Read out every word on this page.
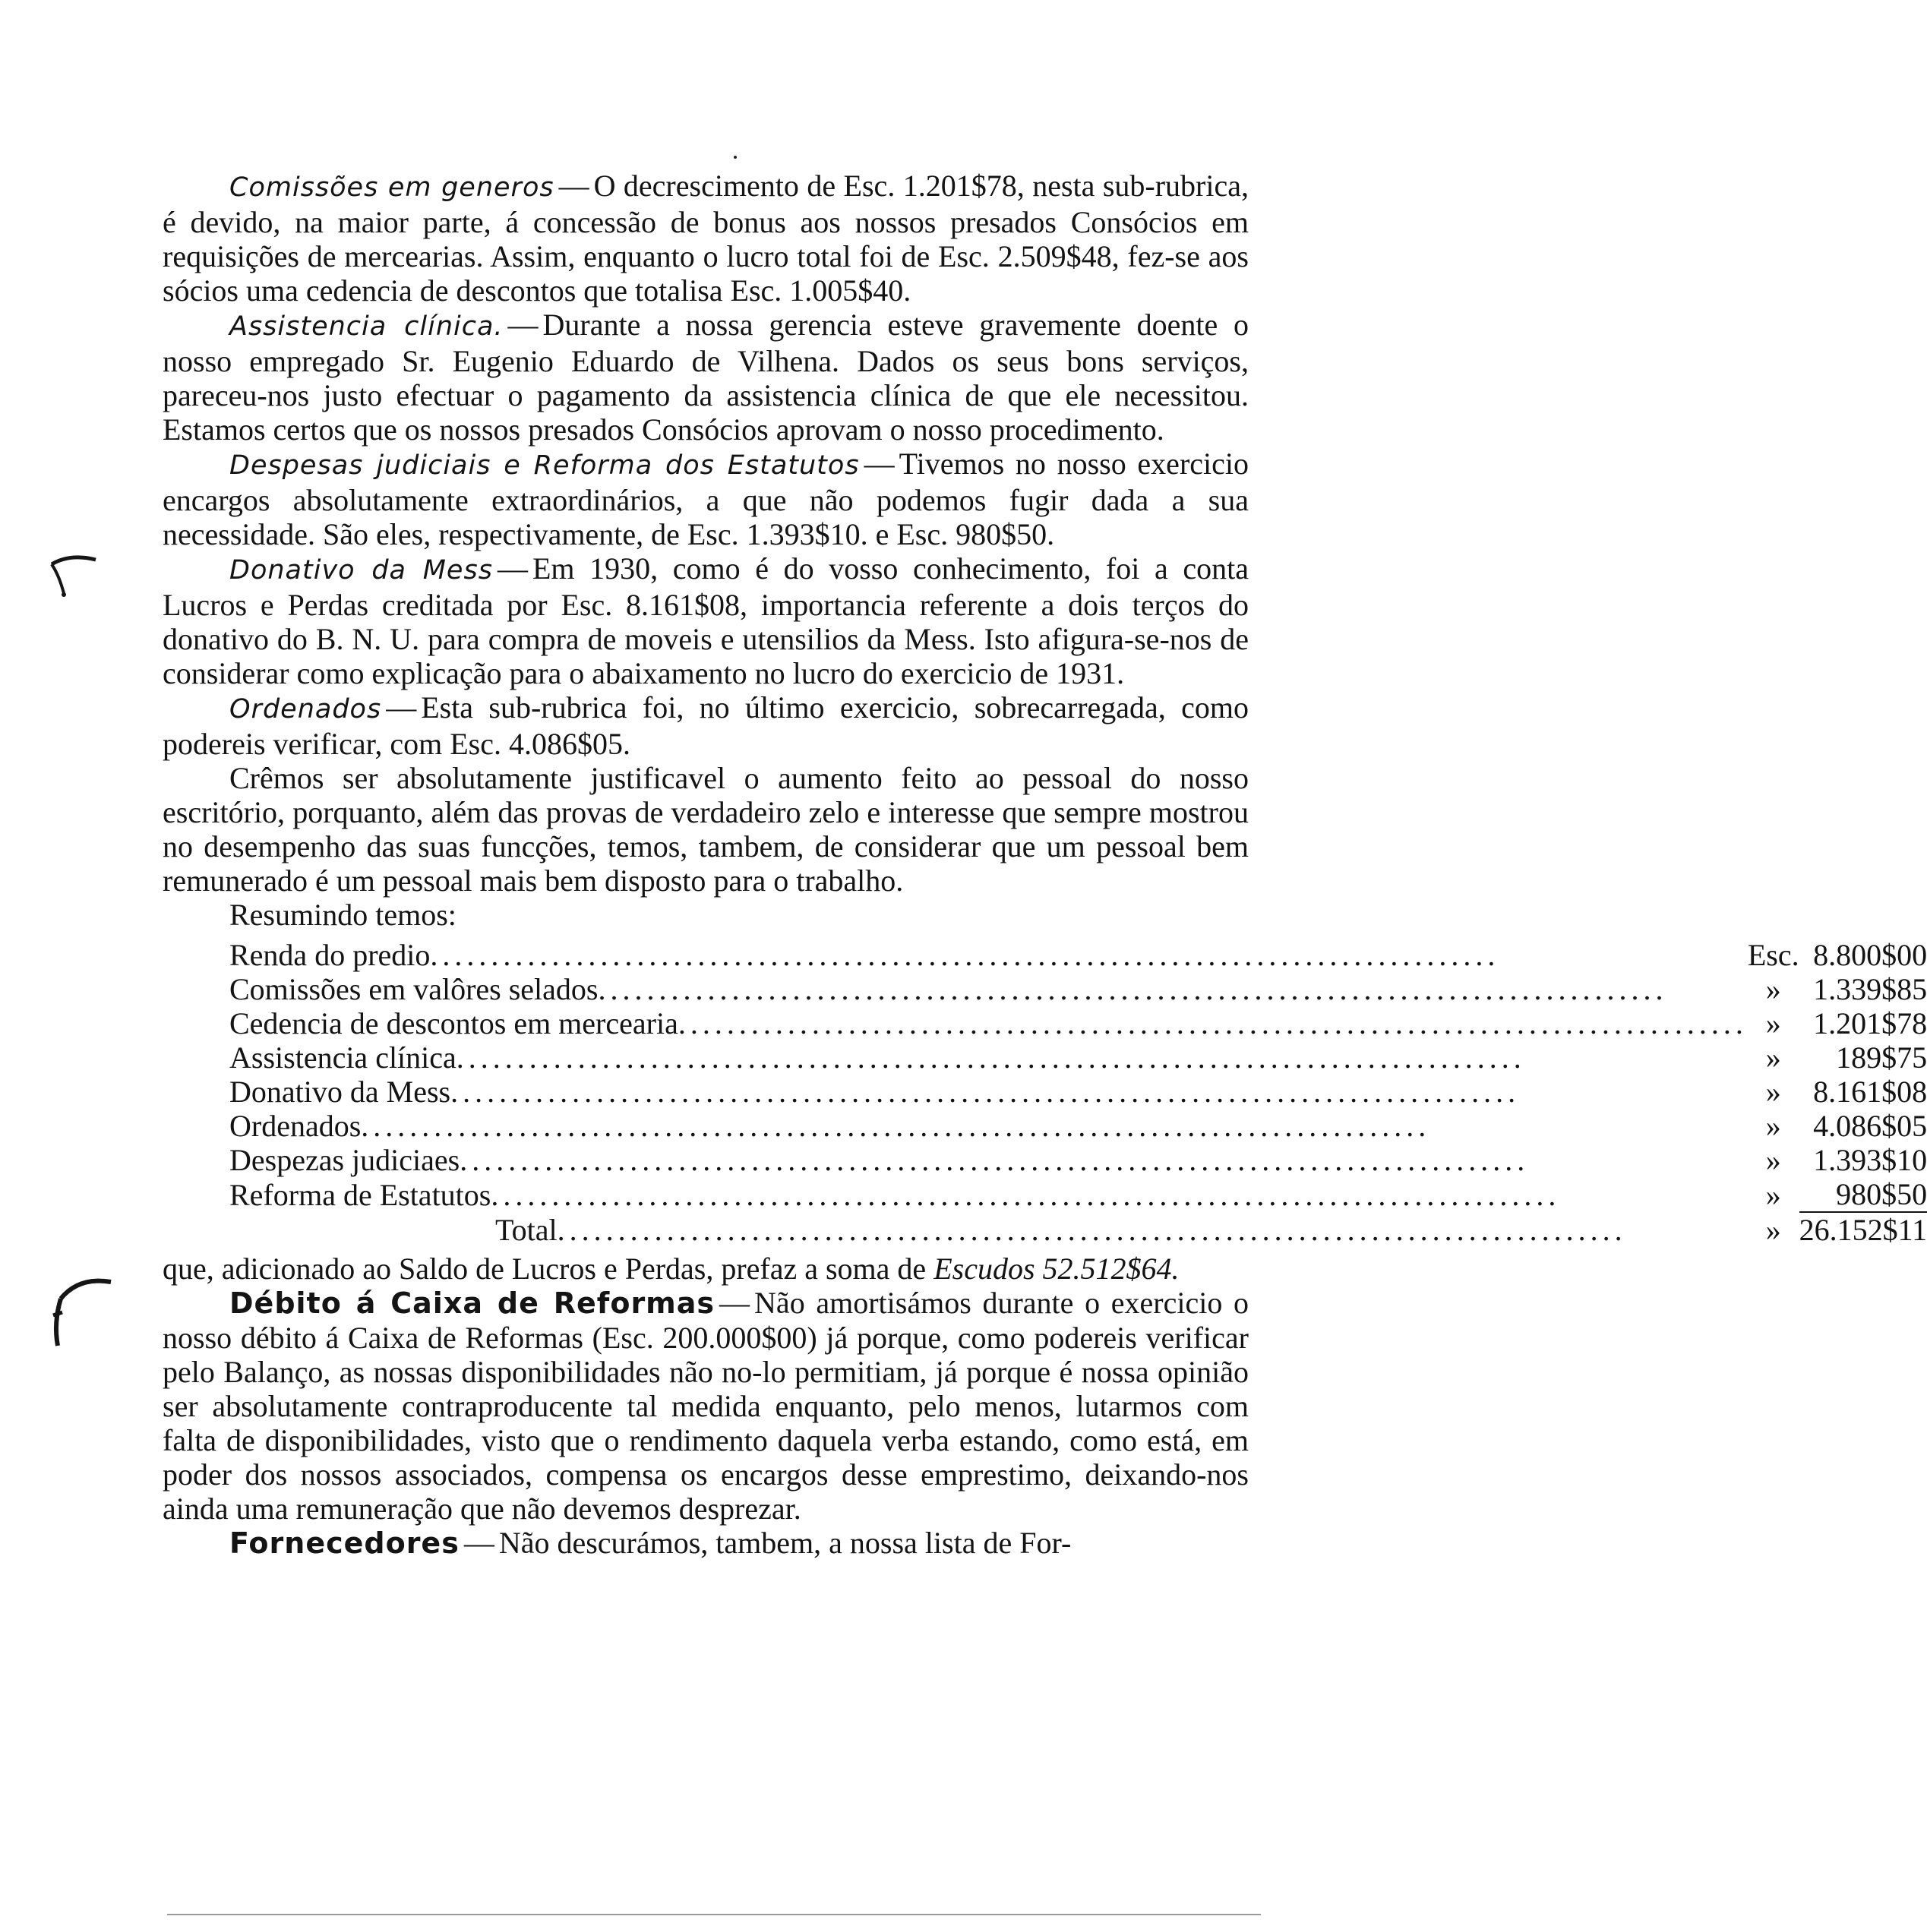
Comissões em generos — O decrescimento de Esc. 1.201$78, nesta sub-rubrica, é devido, na maior parte, á concessão de bonus aos nossos presados Consócios em requisições de mercearias. Assim, enquanto o lucro total foi de Esc. 2.509$48, fez-se aos sócios uma cedencia de descontos que totalisa Esc. 1.005$40.

Assistencia clínica. — Durante a nossa gerencia esteve gravemente doente o nosso empregado Sr. Eugenio Eduardo de Vilhena. Dados os seus bons serviços, pareceu-nos justo efectuar o pagamento da assistencia clínica de que ele necessitou. Estamos certos que os nossos presados Consócios aprovam o nosso procedimento.

Despesas judiciais e Reforma dos Estatutos — Tivemos no nosso exercicio encargos absolutamente extraordinários, a que não podemos fugir dada a sua necessidade. São eles, respectivamente, de Esc. 1.393$10. e Esc. 980$50.

Donativo da Mess — Em 1930, como é do vosso conhecimento, foi a conta Lucros e Perdas creditada por Esc. 8.161$08, importancia referente a dois terços do donativo do B. N. U. para compra de moveis e utensilios da Mess. Isto afigura-se-nos de considerar como explicação para o abaixamento no lucro do exercicio de 1931.

Ordenados — Esta sub-rubrica foi, no último exercicio, sobrecarregada, como podereis verificar, com Esc. 4.086$05.

Crêmos ser absolutamente justificavel o aumento feito ao pessoal do nosso escritório, porquanto, além das provas de verdadeiro zelo e interesse que sempre mostrou no desempenho das suas funcções, temos, tambem, de considerar que um pessoal bem remunerado é um pessoal mais bem disposto para o trabalho.

Resumindo temos:

Renda do predio........................................................................................	Esc.	8.800$00
Comissões em valôres selados........................................................................................	»	1.339$85
Cedencia de descontos em mercearia........................................................................................	»	1.201$78
Assistencia clínica........................................................................................	»	189$75
Donativo da Mess........................................................................................	»	8.161$08
Ordenados........................................................................................	»	4.086$05
Despezas judiciaes........................................................................................	»	1.393$10
Reforma de Estatutos........................................................................................	»	980$50
Total........................................................................................	»	26.152$11

que, adicionado ao Saldo de Lucros e Perdas, prefaz a soma de Escudos 52.512$64.

Débito á Caixa de Reformas — Não amortisámos durante o exercicio o nosso débito á Caixa de Reformas (Esc. 200.000$00) já porque, como podereis verificar pelo Balanço, as nossas disponibilidades não no-lo permitiam, já porque é nossa opinião ser absolutamente contraproducente tal medida enquanto, pelo menos, lutarmos com falta de disponibilidades, visto que o rendimento daquela verba estando, como está, em poder dos nossos associados, compensa os encargos desse emprestimo, deixando-nos ainda uma remuneração que não devemos desprezar.

Fornecedores — Não descurámos, tambem, a nossa lista de For-
